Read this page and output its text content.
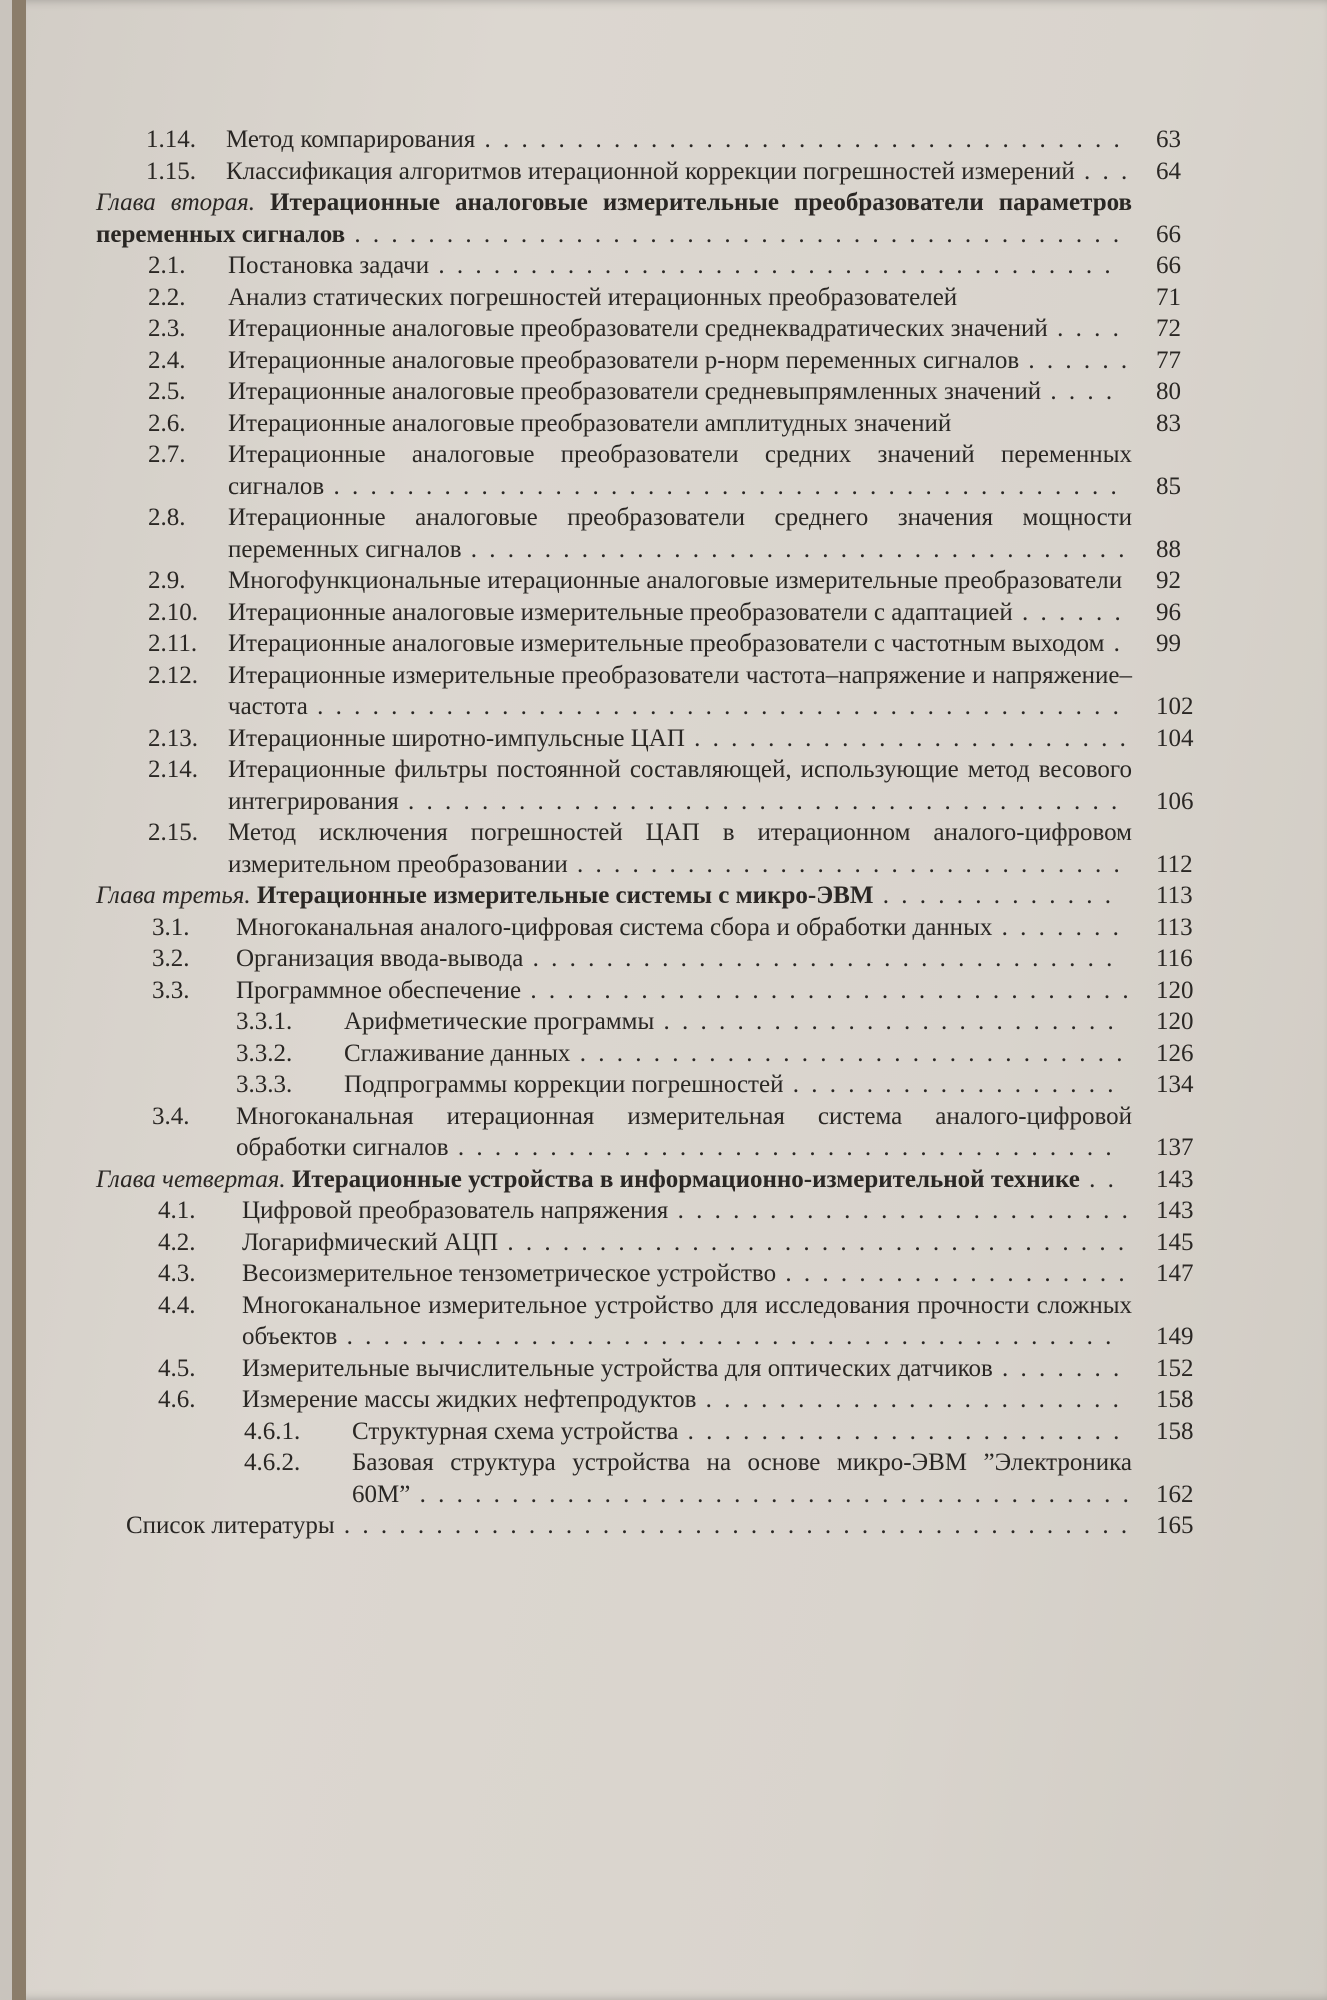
1.14. Метод компарирования . . . . . . . . . . . . . . . . . . . . . . . . . . . . . . . . . . .	63
1.15. Классификация алгоритмов итерационной коррекции погрешностей измерений . . . 64
Глава вторая. Итерационные аналоговые измерительные преобразователи параметров переменных сигналов . . . . . . . . . . . . . . . . . . . . . . . . . . . . . . . . . . . . . . . . . .	66
2.1. Постановка задачи . . . . . . . . . . . . . . . . . . . . . . . . . . . . . . . . . . . . .	66
2.2. Анализ статических погрешностей итерационных преобразователей	71
2.3. Итерационные аналоговые преобразователи среднеквадратических значений . . . .	72
2.4. Итерационные аналоговые преобразователи р-норм переменных сигналов . . . . . . 77
2.5. Итерационные аналоговые преобразователи средневыпрямленных значений . . . .	80
2.6. Итерационные аналоговые преобразователи амплитудных значений	83
2.7. Итерационные аналоговые преобразователи средних значений переменных сигналов . . . . . . . . . . . . . . . . . . . . . . . . . . . . . . . . . . . . . . . . . . .	85
2.8. Итерационные аналоговые преобразователи среднего значения мощности переменных сигналов . . . . . . . . . . . . . . . . . . . . . . . . . . . . . . . . . . . . 88
2.9. Многофункциональные итерационные аналоговые измерительные преобразователи	92
2.10. Итерационные аналоговые измерительные преобразователи с адаптацией . . . . . .	96
2.11. Итерационные аналоговые измерительные преобразователи с частотным выходом .	99
2.12. Итерационные измерительные преобразователи частота–напряжение и напряжение–частота . . . . . . . . . . . . . . . . . . . . . . . . . . . . . . . . . . . . . . . . . . . .	102
2.13. Итерационные широтно-импульсные ЦАП . . . . . . . . . . . . . . . . . . . . . . . . 104
2.14. Итерационные фильтры постоянной составляющей, использующие метод весового интегрирования . . . . . . . . . . . . . . . . . . . . . . . . . . . . . . . . . . . . . . .	106
2.15. Метод исключения погрешностей ЦАП в итерационном аналого-цифровом измерительном преобразовании . . . . . . . . . . . . . . . . . . . . . . . . . . . . . .	112
Глава третья. Итерационные измерительные системы с микро-ЭВМ . . . . . . . . . . . . .	113
3.1. Многоканальная аналого-цифровая система сбора и обработки данных . . . . . . .	113
3.2. Организация ввода-вывода . . . . . . . . . . . . . . . . . . . . . . . . . . . . . . . .	116
3.3. Программное обеспечение . . . . . . . . . . . . . . . . . . . . . . . . . . . . . . . . . 120
3.3.1. Арифметические программы . . . . . . . . . . . . . . . . . . . . . . . . .	120
3.3.2. Сглаживание данных . . . . . . . . . . . . . . . . . . . . . . . . . . . . . . 126
3.3.3. Подпрограммы коррекции погрешностей . . . . . . . . . . . . . . . . . .	134
3.4. Многоканальная итерационная измерительная система аналого-цифровой обработки сигналов . . . . . . . . . . . . . . . . . . . . . . . . . . . . . . . . . . . .	137
Глава четвертая. Итерационные устройства в информационно-измерительной технике . .	143
4.1. Цифровой преобразователь напряжения . . . . . . . . . . . . . . . . . . . . . . . . . 143
4.2. Логарифмический АЦП . . . . . . . . . . . . . . . . . . . . . . . . . . . . . . . . . . 145
4.3. Весоизмерительное тензометрическое устройство . . . . . . . . . . . . . . . . . . . 147
4.4. Многоканальное измерительное устройство для исследования прочности сложных объектов . . . . . . . . . . . . . . . . . . . . . . . . . . . . . . . . . . . . . . . . . .	149
4.5. Измерительные вычислительные устройства для оптических датчиков . . . . . . .	152
4.6. Измерение массы жидких нефтепродуктов . . . . . . . . . . . . . . . . . . . . . . .	158
4.6.1. Структурная схема устройства . . . . . . . . . . . . . . . . . . . . . . . .	158
4.6.2. Базовая структура устройства на основе микро-ЭВМ ”Электроника 60М” . . . . . . . . . . . . . . . . . . . . . . . . . . . . . . . . . . . . . . . 162
Список литературы . . . . . . . . . . . . . . . . . . . . . . . . . . . . . . . . . . . . . . . . . . . 165
